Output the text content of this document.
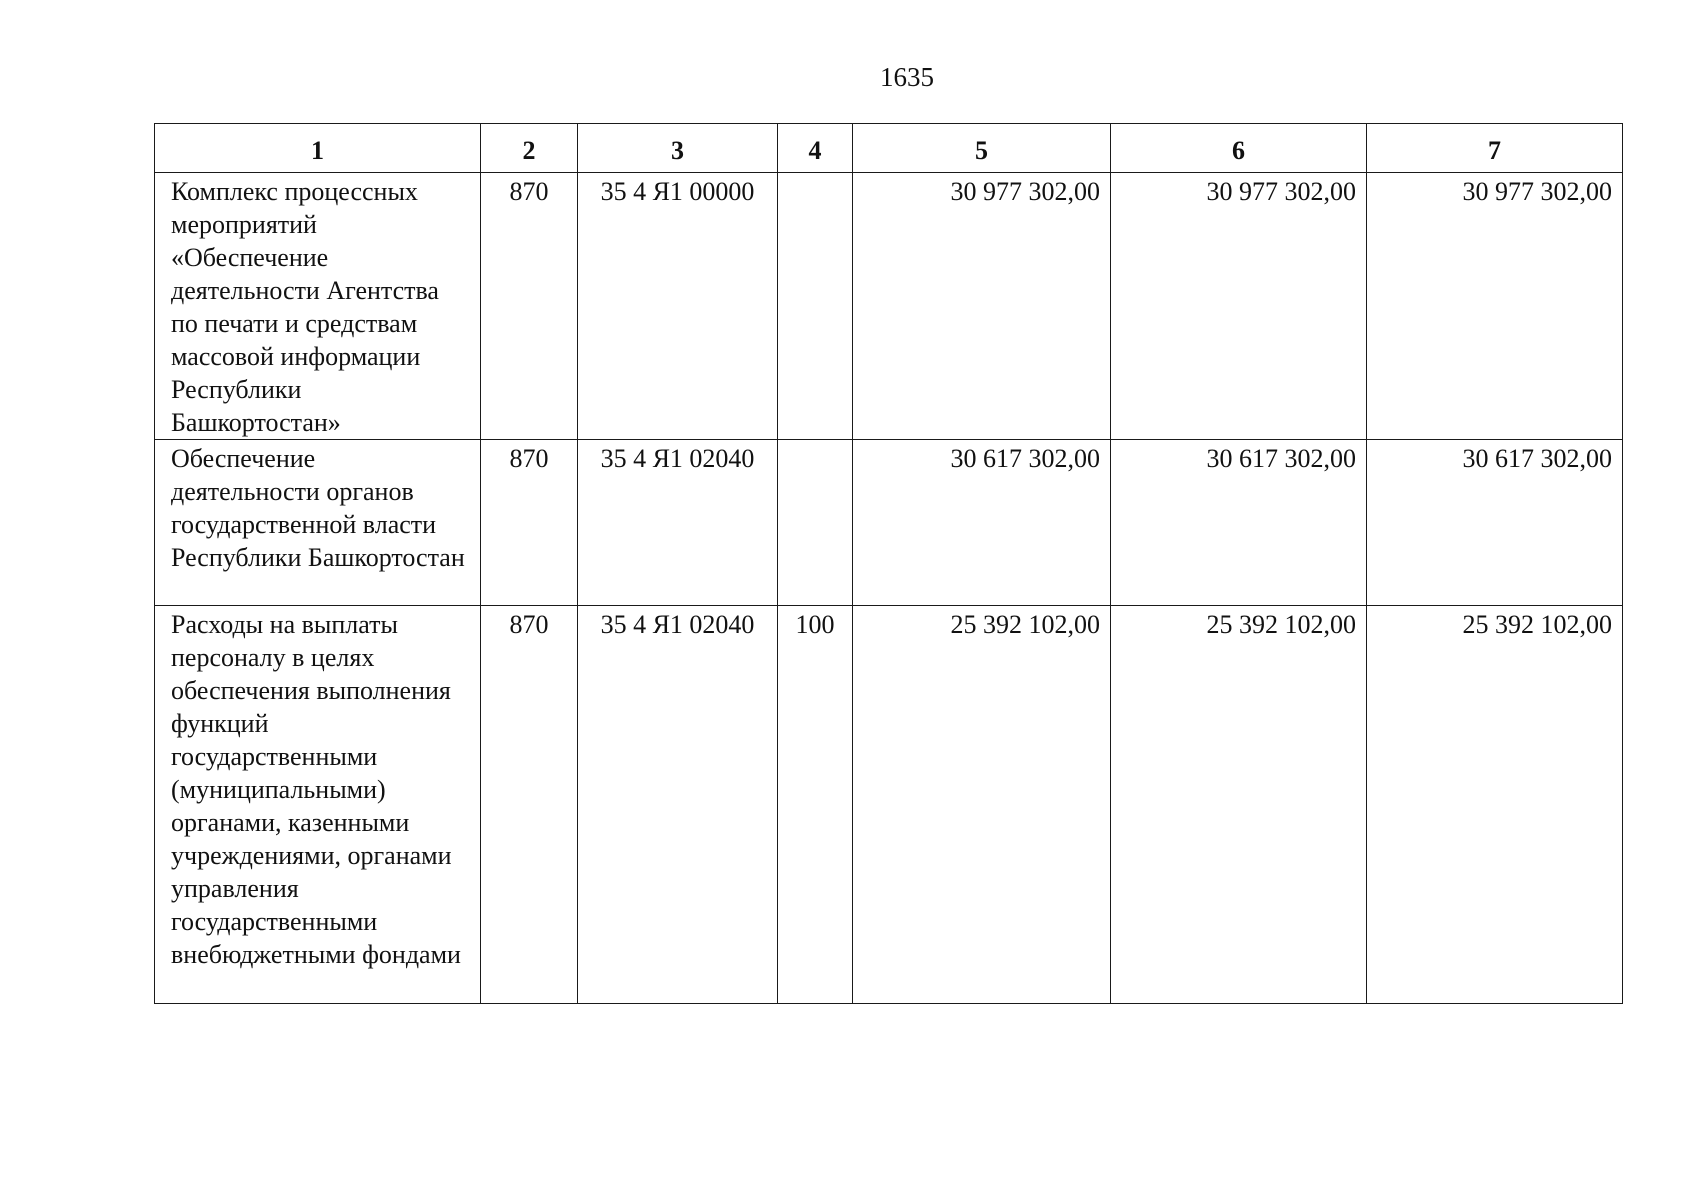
1635
1	2	3	4	5	6	7
Комплекс процессных мероприятий «Обеспечение деятельности Агентства по печати и средствам массовой информации Республики Башкортостан»	870	35 4 Я1 00000		30 977 302,00	30 977 302,00	30 977 302,00
Обеспечение деятельности органов государственной власти Республики Башкортостан	870	35 4 Я1 02040		30 617 302,00	30 617 302,00	30 617 302,00
Расходы на выплаты персоналу в целях обеспечения выполнения функций государственными (муниципальными) органами, казенными учреждениями, органами управления государственными внебюджетными фондами	870	35 4 Я1 02040	100	25 392 102,00	25 392 102,00	25 392 102,00
